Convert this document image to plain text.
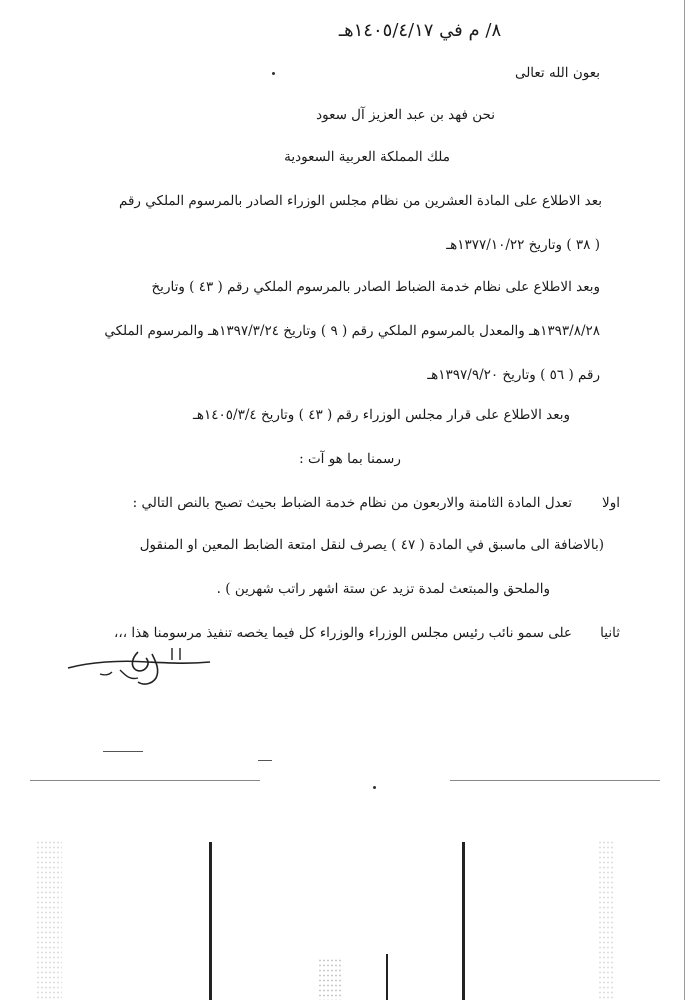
٨/ م في ١٤٠٥/٤/١٧هـ
بعون الله تعالى
نحن فهد بن عبد العزيز آل سعود
ملك المملكة العربية السعودية
بعد الاطلاع على المادة العشرين من نظام مجلس الوزراء الصادر بالمرسوم الملكي رقم
( ٣٨ ) وتاريخ ١٣٧٧/١٠/٢٢هـ
وبعد الاطلاع على نظام خدمة الضباط الصادر بالمرسوم الملكي رقم ( ٤٣ ) وتاريخ
١٣٩٣/٨/٢٨هـ والمعدل بالمرسوم الملكي رقم ( ٩ ) وتاريخ ١٣٩٧/٣/٢٤هـ والمرسوم الملكي
رقم ( ٥٦ ) وتاريخ ١٣٩٧/٩/٢٠هـ
وبعد الاطلاع على قرار مجلس الوزراء رقم ( ٤٣ ) وتاريخ ١٤٠٥/٣/٤هـ
رسمنا بما هو آت :
اولا
تعدل المادة الثامنة والاربعون من نظام خدمة الضباط بحيث تصبح بالنص التالي :
(بالاضافة الى ماسبق في المادة ( ٤٧ ) يصرف لنقل امتعة الضابط المعين او المنقول
والملحق والمبتعث لمدة تزيد عن ستة اشهر راتب شهرين ) .
ثانيا
على سمو نائب رئيس مجلس الوزراء والوزراء كل فيما يخصه تنفيذ مرسومنا هذا ،،،
